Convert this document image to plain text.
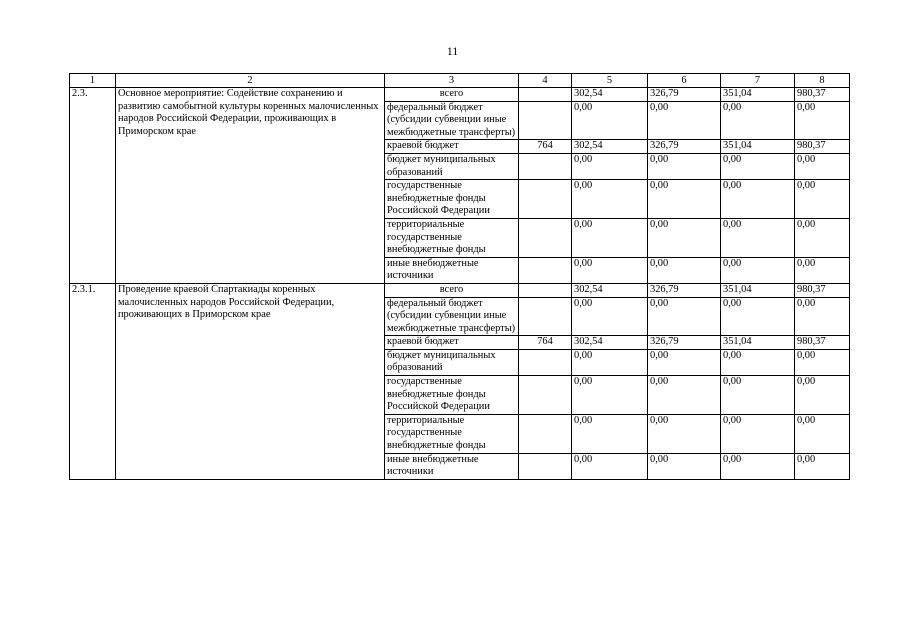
11
1	2	3	4	5	6	7	8
2.3.	Основное мероприятие: Содействие сохранению и развитию самобытной культуры коренных малочисленных народов Российской Федерации, проживающих в Приморском крае	всего		302,54	326,79	351,04	980,37
		федеральный бюджет (субсидии субвенции иные межбюджетные трансферты)		0,00	0,00	0,00	0,00
		краевой бюджет	764	302,54	326,79	351,04	980,37
		бюджет муниципальных образований		0,00	0,00	0,00	0,00
		государственные внебюджетные фонды Российской Федерации		0,00	0,00	0,00	0,00
		территориальные государственные внебюджетные фонды		0,00	0,00	0,00	0,00
		иные внебюджетные источники		0,00	0,00	0,00	0,00
2.3.1.	Проведение краевой Спартакиады коренных малочисленных народов Российской Федерации, проживающих в Приморском крае	всего		302,54	326,79	351,04	980,37
		федеральный бюджет (субсидии субвенции иные межбюджетные трансферты)		0,00	0,00	0,00	0,00
		краевой бюджет	764	302,54	326,79	351,04	980,37
		бюджет муниципальных образований		0,00	0,00	0,00	0,00
		государственные внебюджетные фонды Российской Федерации		0,00	0,00	0,00	0,00
		территориальные государственные внебюджетные фонды		0,00	0,00	0,00	0,00
		иные внебюджетные источники		0,00	0,00	0,00	0,00
